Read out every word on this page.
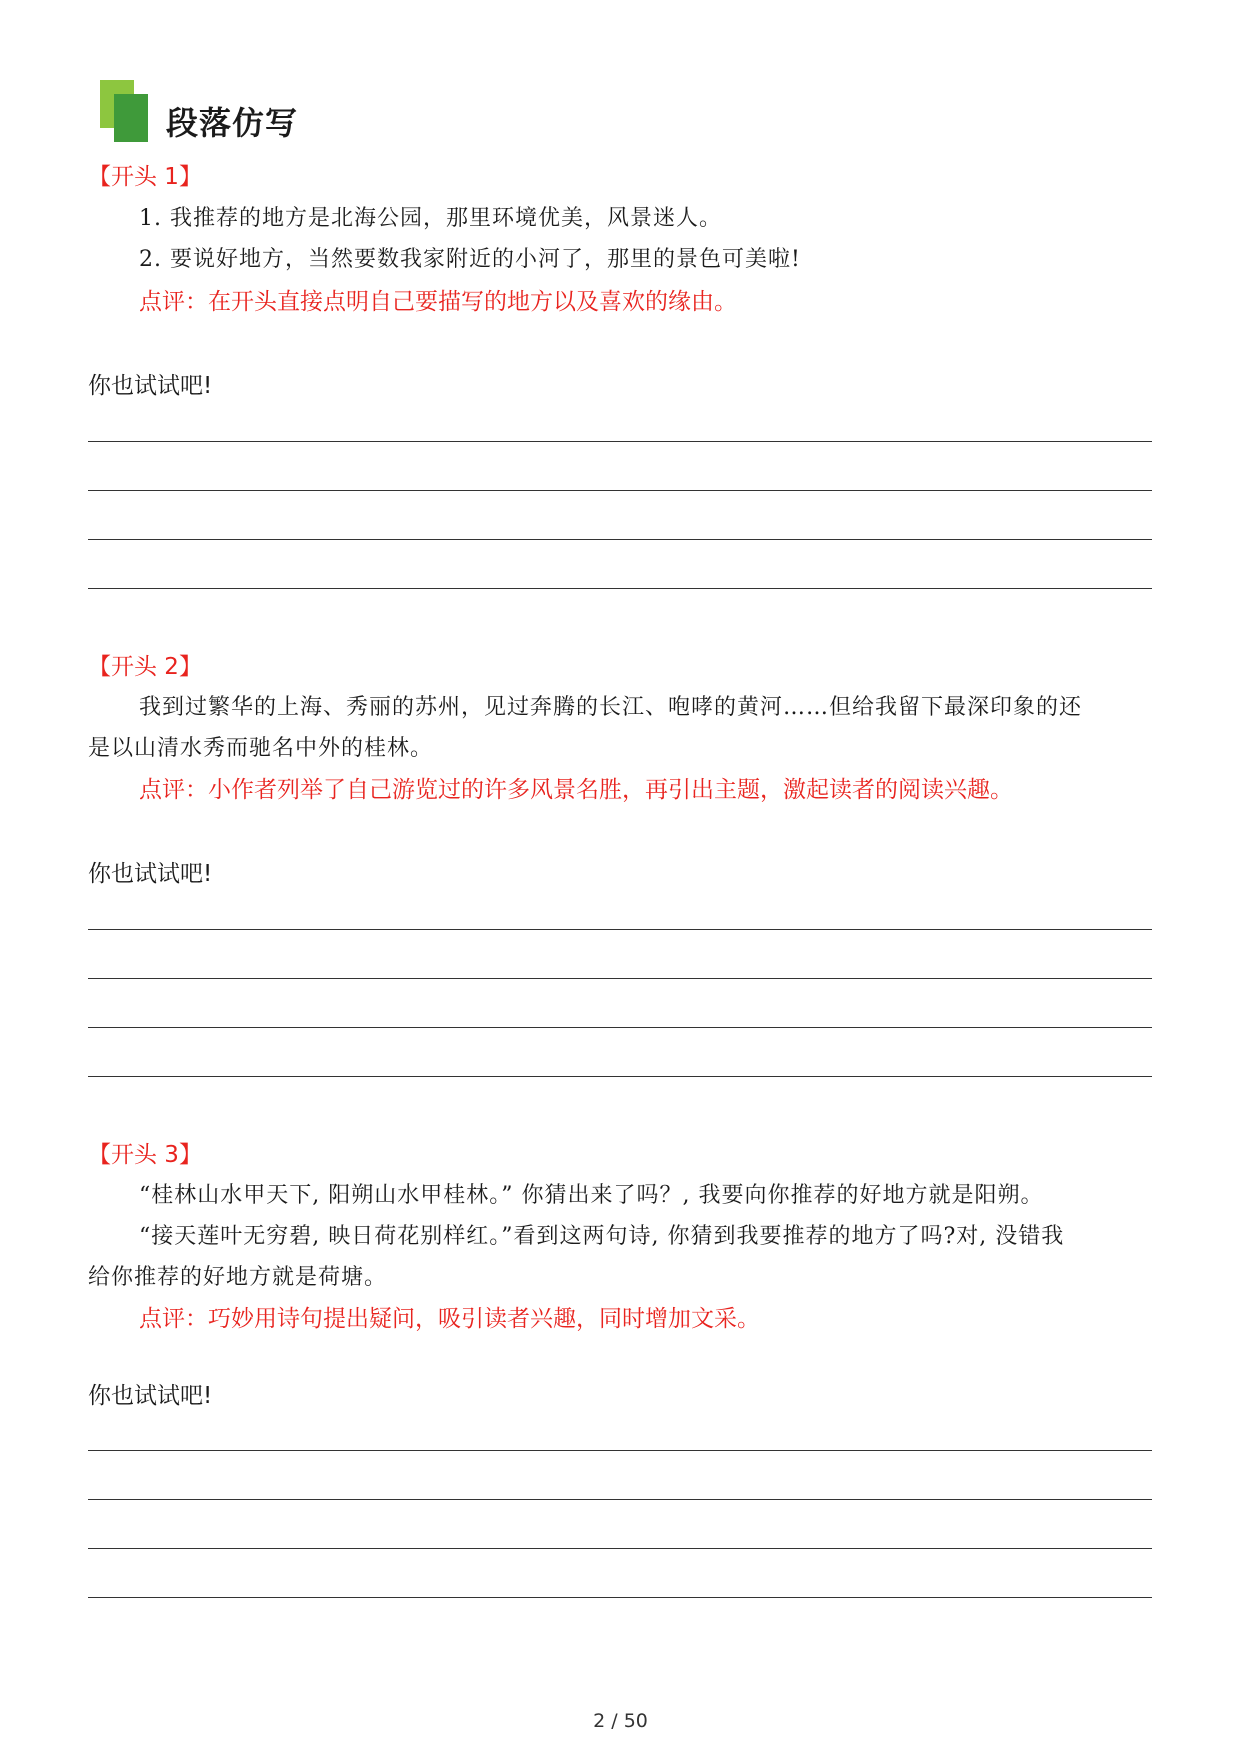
段落仿写
【开头 1】
1. 我推荐的地方是北海公园，那里环境优美，风景迷人。
2. 要说好地方，当然要数我家附近的小河了，那里的景色可美啦!
点评：在开头直接点明自己要描写的地方以及喜欢的缘由。
你也试试吧!
【开头 2】
我到过繁华的上海、秀丽的苏州，见过奔腾的长江、咆哮的黄河……但给我留下最深印象的还
是以山清水秀而驰名中外的桂林。
点评：小作者列举了自己游览过的许多风景名胜，再引出主题，激起读者的阅读兴趣。
你也试试吧!
【开头 3】
“桂林山水甲天下, 阳朔山水甲桂林。” 你猜出来了吗？, 我要向你推荐的好地方就是阳朔。
“接天莲叶无穷碧, 映日荷花别样红。”看到这两句诗, 你猜到我要推荐的地方了吗?对, 没错我
给你推荐的好地方就是荷塘。
点评：巧妙用诗句提出疑问，吸引读者兴趣，同时增加文采。
你也试试吧!
2 / 50
